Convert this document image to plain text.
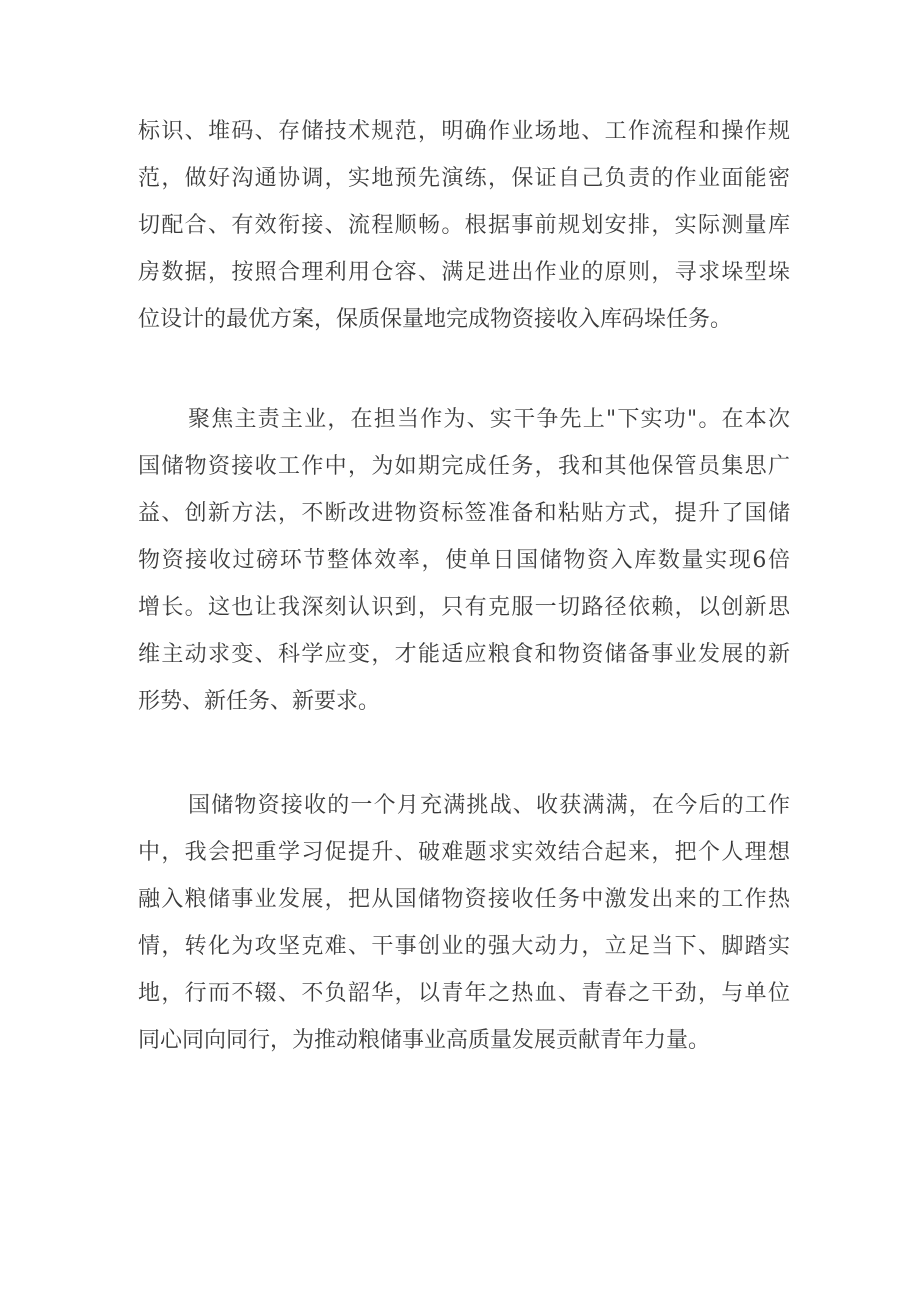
标识、堆码、存储技术规范，明确作业场地、工作流程和操作规
范，做好沟通协调，实地预先演练，保证自己负责的作业面能密
切配合、有效衔接、流程顺畅。根据事前规划安排，实际测量库
房数据，按照合理利用仓容、满足进出作业的原则，寻求垛型垛
位设计的最优方案，保质保量地完成物资接收入库码垛任务。
聚焦主责主业，在担当作为、实干争先上"下实功"。在本次
国储物资接收工作中，为如期完成任务，我和其他保管员集思广
益、创新方法，不断改进物资标签准备和粘贴方式，提升了国储
物资接收过磅环节整体效率，使单日国储物资入库数量实现6倍
增长。这也让我深刻认识到，只有克服一切路径依赖，以创新思
维主动求变、科学应变，才能适应粮食和物资储备事业发展的新
形势、新任务、新要求。
国储物资接收的一个月充满挑战、收获满满，在今后的工作
中，我会把重学习促提升、破难题求实效结合起来，把个人理想
融入粮储事业发展，把从国储物资接收任务中激发出来的工作热
情，转化为攻坚克难、干事创业的强大动力，立足当下、脚踏实
地，行而不辍、不负韶华，以青年之热血、青春之干劲，与单位
同心同向同行，为推动粮储事业高质量发展贡献青年力量。
